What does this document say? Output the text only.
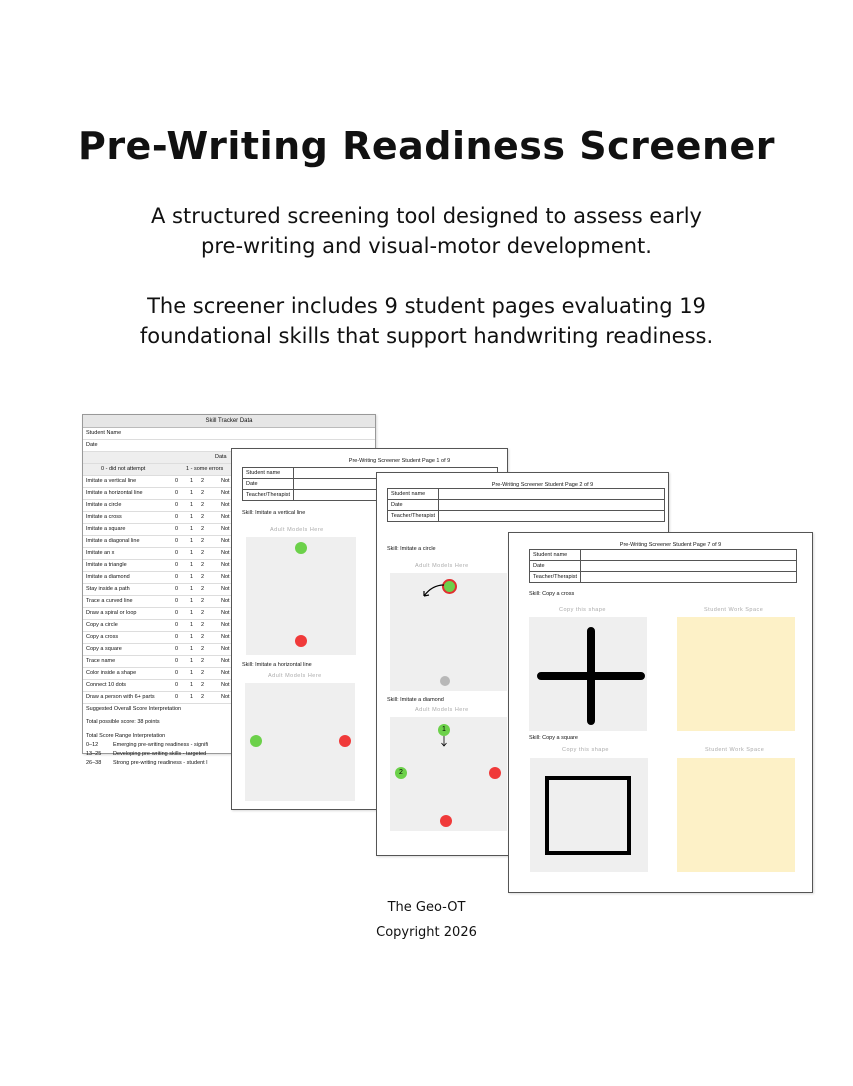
Pre-Writing Readiness Screener
A structured screening tool designed to assess early
pre-writing and visual-motor development.
The screener includes 9 student pages evaluating 19
foundational skills that support handwriting readiness.
Skill Tracker Data
Student Name
Date
Data
0 - did not attempt	1 - some errors
Imitate a vertical line	0 1 2	Not
Imitate a horizontal line	0 1 2	Not
Imitate a circle	0 1 2	Not
Imitate a cross	0 1 2	Not
Imitate a square	0 1 2	Not
Imitate a diagonal line	0 1 2	Not
Imitate an x	0 1 2	Not
Imitate a triangle	0 1 2	Not
Imitate a diamond	0 1 2	Not
Stay inside a path	0 1 2	Not
Trace a curved line	0 1 2	Not
Draw a spiral or loop	0 1 2	Not
Copy a circle	0 1 2	Not
Copy a cross	0 1 2	Not
Copy a square	0 1 2	Not
Trace name	0 1 2	Not
Color inside a shape	0 1 2	Not
Connect 10 dots	0 1 2	Not
Draw a person with 6+ parts	0 1 2	Not
Suggested Overall Score Interpretation
Total possible score: 38 points
Total Score Range Interpretation
0–12	Emerging pre-writing readiness - signifi
13–25 Developing pre-writing skills - targeted
26–38 Strong pre-writing readiness - student l
Pre-Writing Screener Student Page 1 of 9
Student name	
Date	
Teacher/Therapist	
Skill: Imitate a vertical line
Adult Models Here
Skill: Imitate a horizontal line
Adult Models Here
Pre-Writing Screener Student Page 2 of 9
Student name	
Date	
Teacher/Therapist	
Skill: Imitate a circle
Adult Models Here
Skill: Imitate a diamond
Adult Models Here
1
2
Pre-Writing Screener Student Page 7 of 9
Student name	
Date	
Teacher/Therapist	
Skill: Copy a cross
Copy this shape	Student Work Space
Skill: Copy a square
Copy this shape	Student Work Space
The Geo-OT
Copyright 2026
